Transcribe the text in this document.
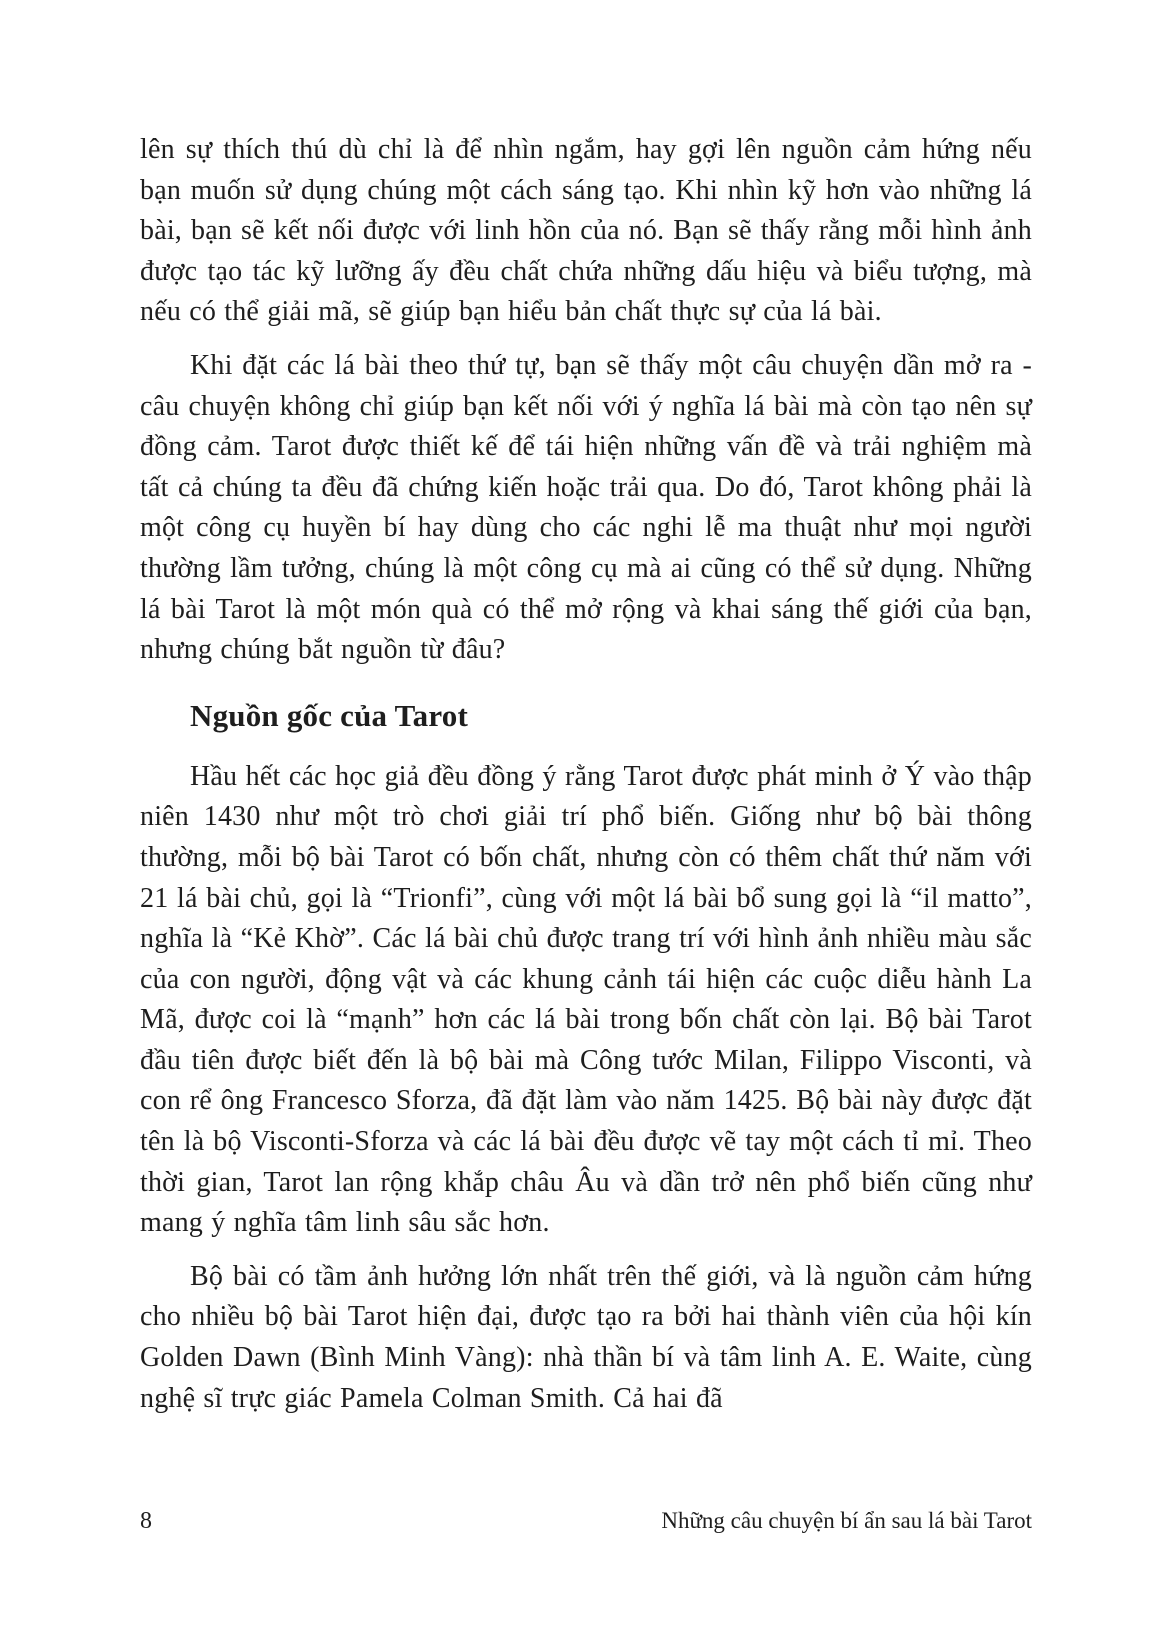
lên sự thích thú dù chỉ là để nhìn ngắm, hay gợi lên nguồn cảm hứng nếu bạn muốn sử dụng chúng một cách sáng tạo. Khi nhìn kỹ hơn vào những lá bài, bạn sẽ kết nối được với linh hồn của nó. Bạn sẽ thấy rằng mỗi hình ảnh được tạo tác kỹ lưỡng ấy đều chất chứa những dấu hiệu và biểu tượng, mà nếu có thể giải mã, sẽ giúp bạn hiểu bản chất thực sự của lá bài.

Khi đặt các lá bài theo thứ tự, bạn sẽ thấy một câu chuyện dần mở ra - câu chuyện không chỉ giúp bạn kết nối với ý nghĩa lá bài mà còn tạo nên sự đồng cảm. Tarot được thiết kế để tái hiện những vấn đề và trải nghiệm mà tất cả chúng ta đều đã chứng kiến hoặc trải qua. Do đó, Tarot không phải là một công cụ huyền bí hay dùng cho các nghi lễ ma thuật như mọi người thường lầm tưởng, chúng là một công cụ mà ai cũng có thể sử dụng. Những lá bài Tarot là một món quà có thể mở rộng và khai sáng thế giới của bạn, nhưng chúng bắt nguồn từ đâu?

Nguồn gốc của Tarot

Hầu hết các học giả đều đồng ý rằng Tarot được phát minh ở Ý vào thập niên 1430 như một trò chơi giải trí phổ biến. Giống như bộ bài thông thường, mỗi bộ bài Tarot có bốn chất, nhưng còn có thêm chất thứ năm với 21 lá bài chủ, gọi là “Trionfi”, cùng với một lá bài bổ sung gọi là “il matto”, nghĩa là “Kẻ Khờ”. Các lá bài chủ được trang trí với hình ảnh nhiều màu sắc của con người, động vật và các khung cảnh tái hiện các cuộc diễu hành La Mã, được coi là “mạnh” hơn các lá bài trong bốn chất còn lại. Bộ bài Tarot đầu tiên được biết đến là bộ bài mà Công tước Milan, Filippo Visconti, và con rể ông Francesco Sforza, đã đặt làm vào năm 1425. Bộ bài này được đặt tên là bộ Visconti-Sforza và các lá bài đều được vẽ tay một cách tỉ mỉ. Theo thời gian, Tarot lan rộng khắp châu Âu và dần trở nên phổ biến cũng như mang ý nghĩa tâm linh sâu sắc hơn.

Bộ bài có tầm ảnh hưởng lớn nhất trên thế giới, và là nguồn cảm hứng cho nhiều bộ bài Tarot hiện đại, được tạo ra bởi hai thành viên của hội kín Golden Dawn (Bình Minh Vàng): nhà thần bí và tâm linh A. E. Waite, cùng nghệ sĩ trực giác Pamela Colman Smith. Cả hai đã

8	Những câu chuyện bí ẩn sau lá bài Tarot
